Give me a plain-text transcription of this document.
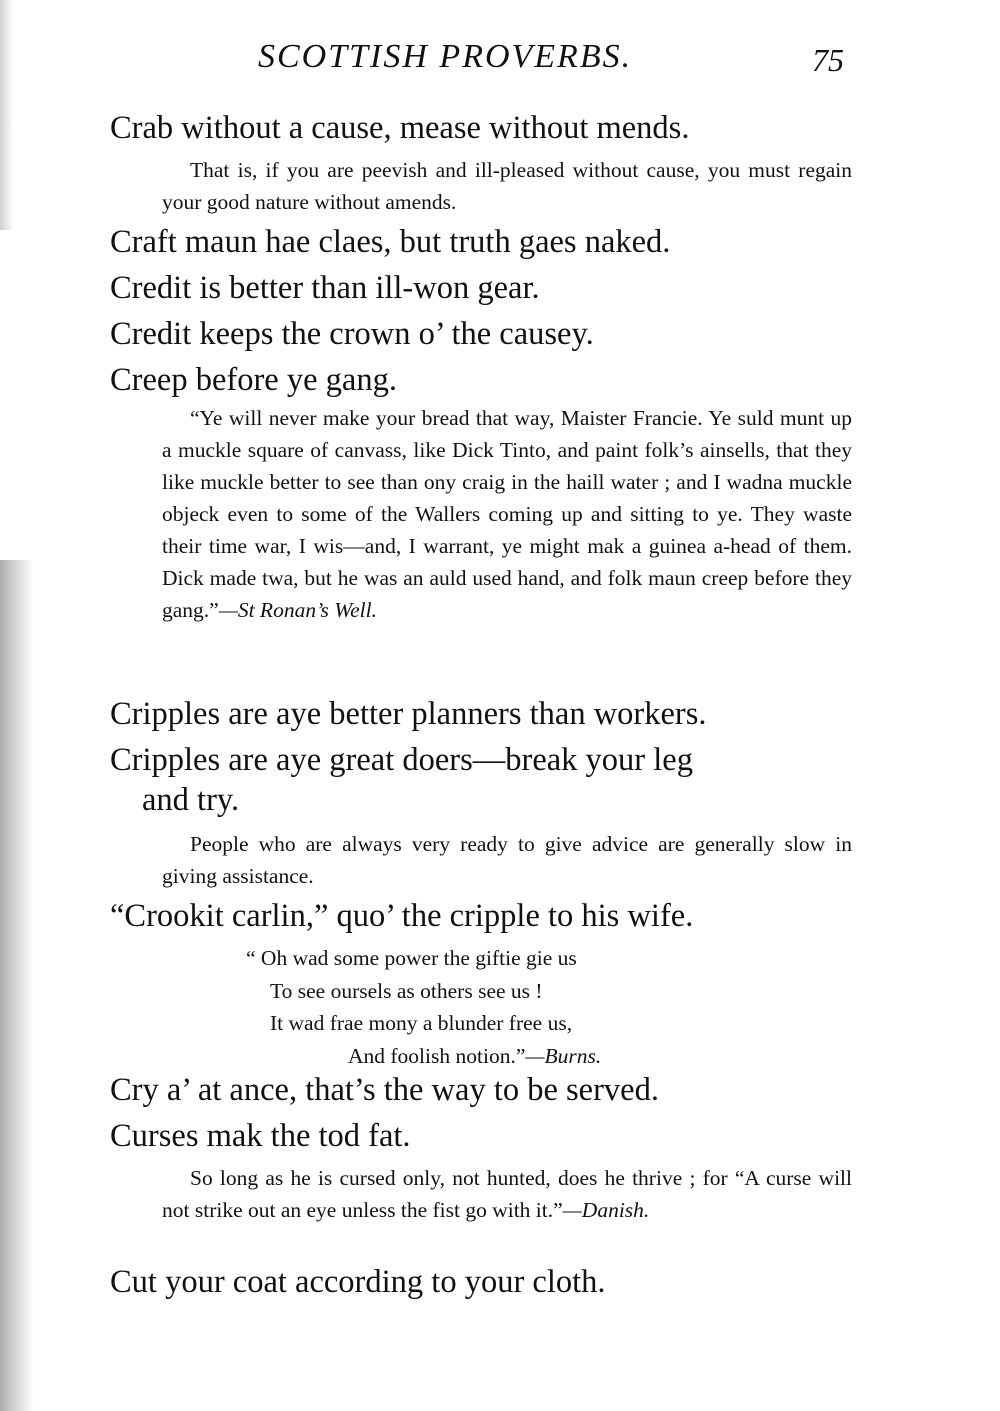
SCOTTISH PROVERBS.	75
Crab without a cause, mease without mends.
That is, if you are peevish and ill-pleased without cause, you must regain your good nature without amends.
Craft maun hae claes, but truth gaes naked.
Credit is better than ill-won gear.
Credit keeps the crown o’ the causey.
Creep before ye gang.
“Ye will never make your bread that way, Maister Francie. Ye suld munt up a muckle square of canvass, like Dick Tinto, and paint folk’s ainsells, that they like muckle better to see than ony craig in the haill water ; and I wadna muckle objeck even to some of the Wallers coming up and sitting to ye. They waste their time war, I wis—and, I warrant, ye might mak a guinea a-head of them. Dick made twa, but he was an auld used hand, and folk maun creep before they gang.”—St Ronan’s Well.
Cripples are aye better planners than workers.
Cripples are aye great doers—break your leg
and try.
People who are always very ready to give advice are generally slow in giving assistance.
“Crookit carlin,” quo’ the cripple to his wife.
“ Oh wad some power the giftie gie us
To see oursels as others see us !
It wad frae mony a blunder free us,
And foolish notion.”—Burns.
Cry a’ at ance, that’s the way to be served.
Curses mak the tod fat.
So long as he is cursed only, not hunted, does he thrive ; for “A curse will not strike out an eye unless the fist go with it.”—Danish.
Cut your coat according to your cloth.
